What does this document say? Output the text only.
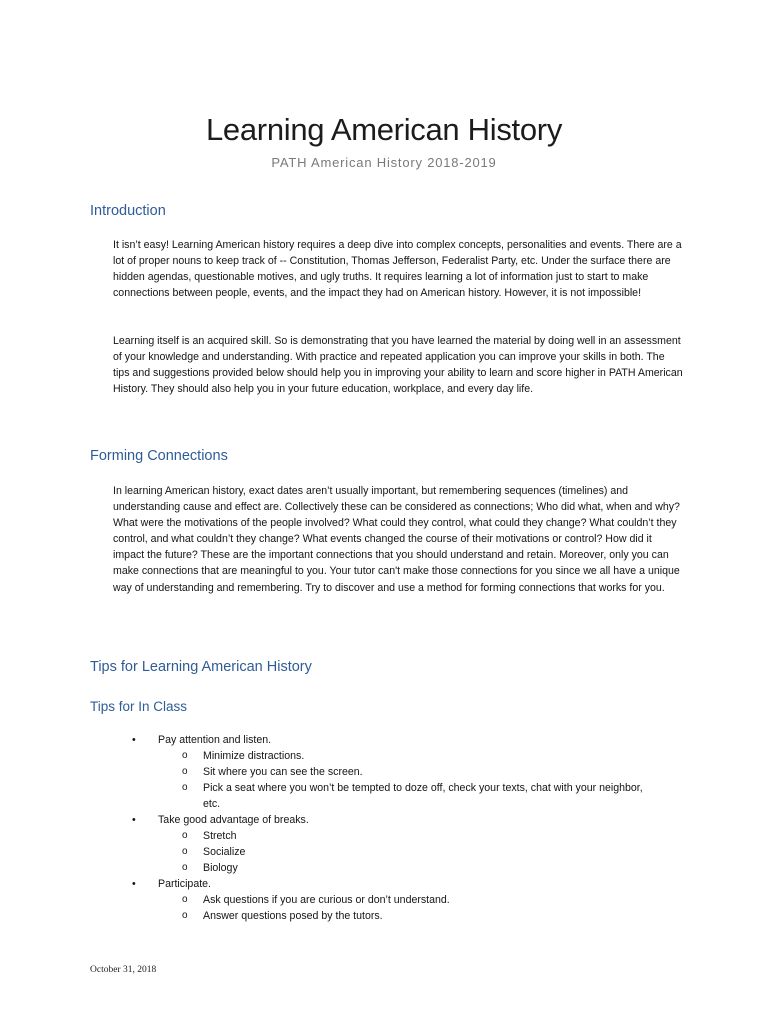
Learning American History
PATH American History 2018-2019
Introduction

It isn’t easy! Learning American history requires a deep dive into complex concepts, personalities and events. There are a lot of proper nouns to keep track of -- Constitution, Thomas Jefferson, Federalist Party, etc. Under the surface there are hidden agendas, questionable motives, and ugly truths. It requires learning a lot of information just to start to make connections between people, events, and the impact they had on American history. However, it is not impossible!

Learning itself is an acquired skill. So is demonstrating that you have learned the material by doing well in an assessment of your knowledge and understanding. With practice and repeated application you can improve your skills in both. The tips and suggestions provided below should help you in improving your ability to learn and score higher in PATH American History. They should also help you in your future education, workplace, and every day life.

Forming Connections

In learning American history, exact dates aren’t usually important, but remembering sequences (timelines) and understanding cause and effect are. Collectively these can be considered as connections; Who did what, when and why? What were the motivations of the people involved? What could they control, what could they change? What couldn’t they control, and what couldn’t they change? What events changed the course of their motivations or control? How did it impact the future? These are the important connections that you should understand and retain. Moreover, only you can make connections that are meaningful to you. Your tutor can't make those connections for you since we all have a unique way of understanding and remembering. Try to discover and use a method for forming connections that works for you.

Tips for Learning American History
Tips for In Class
• Pay attention and listen.
o Minimize distractions.
o Sit where you can see the screen.
o Pick a seat where you won’t be tempted to doze off, check your texts, chat with your neighbor, etc.
• Take good advantage of breaks.
o Stretch
o Socialize
o Biology
• Participate.
o Ask questions if you are curious or don’t understand.
o Answer questions posed by the tutors.
October 31, 2018
